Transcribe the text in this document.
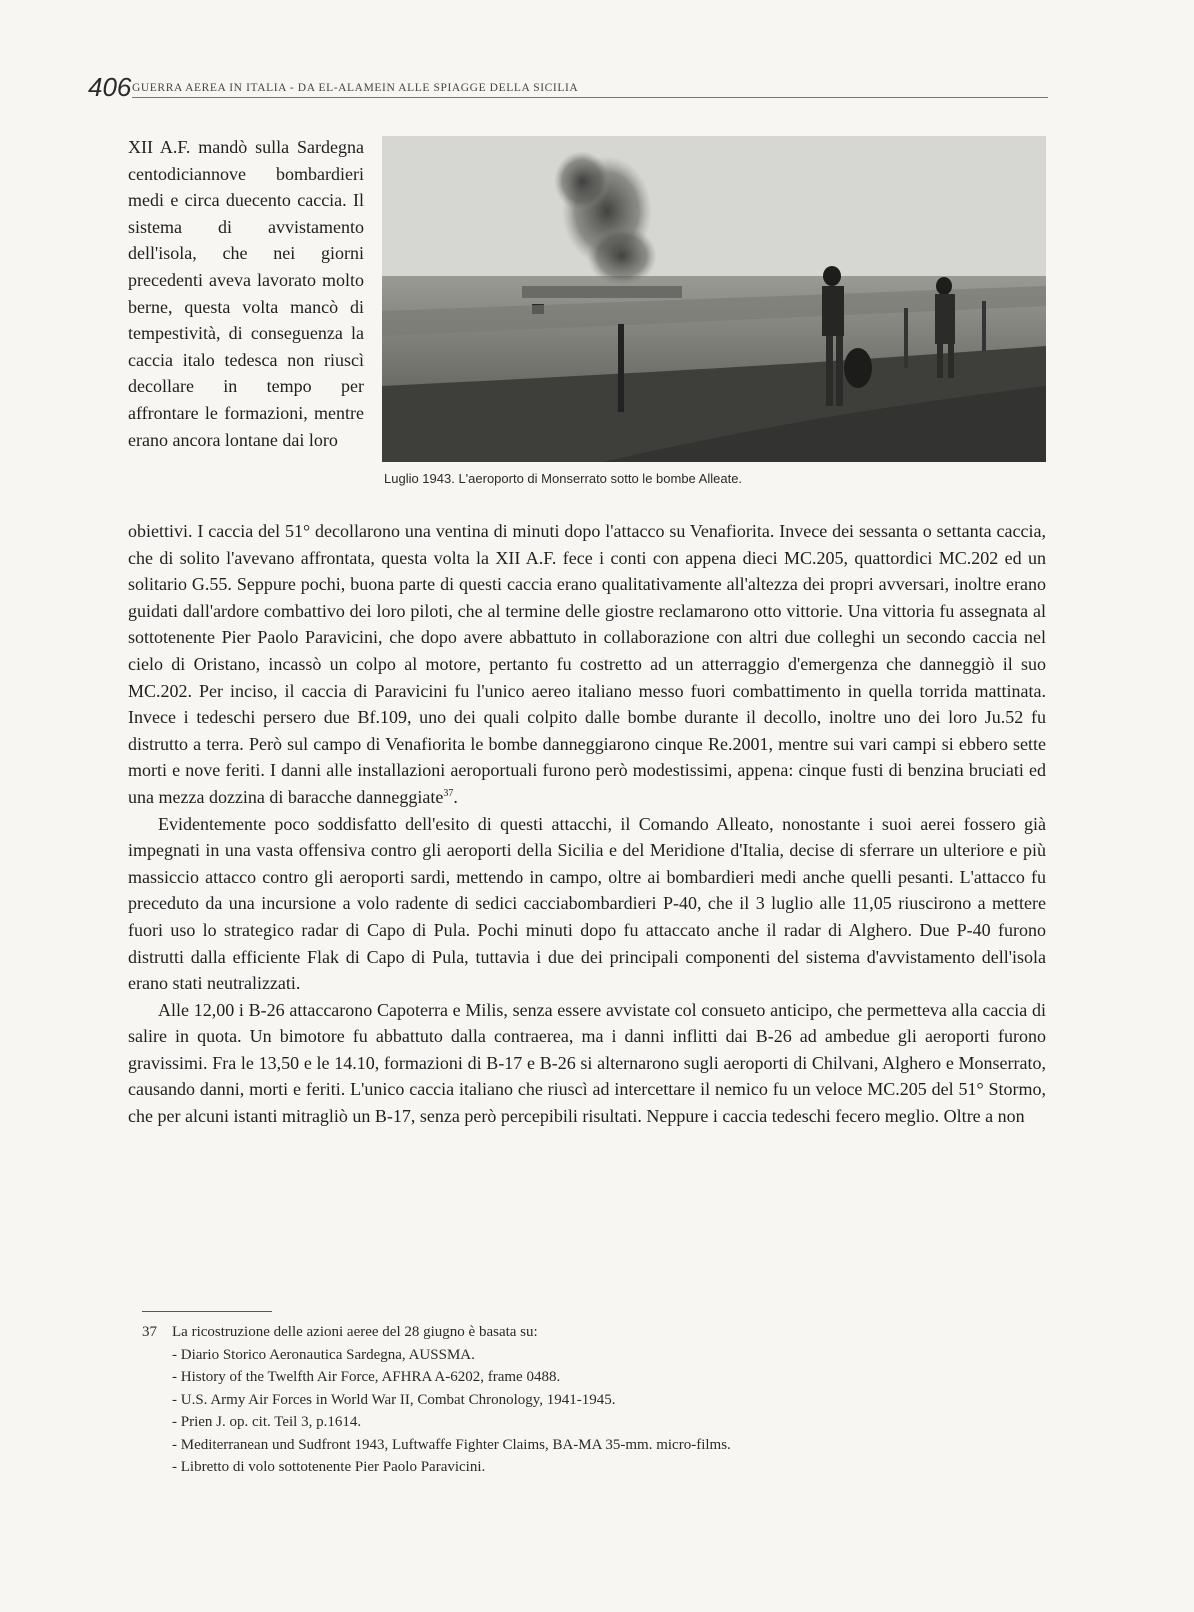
406 GUERRA AEREA IN ITALIA - DA EL-ALAMEIN ALLE SPIAGGE DELLA SICILIA

XII A.F. mandò sulla Sardegna centodiciannove bombardieri medi e circa duecento caccia. Il sistema di avvistamento dell'isola, che nei giorni precedenti aveva lavorato molto berne, questa volta mancò di tempestività, di conseguenza la caccia italo tedesca non riuscì decollare in tempo per affrontare le formazioni, mentre erano ancora lontane dai loro

Luglio 1943. L'aeroporto di Monserrato sotto le bombe Alleate.

obiettivi. I caccia del 51° decollarono una ventina di minuti dopo l'attacco su Venafiorita. Invece dei sessanta o settanta caccia, che di solito l'avevano affrontata, questa volta la XII A.F. fece i conti con appena dieci MC.205, quattordici MC.202 ed un solitario G.55. Seppure pochi, buona parte di questi caccia erano qualitativamente all'altezza dei propri avversari, inoltre erano guidati dall'ardore combattivo dei loro piloti, che al termine delle giostre reclamarono otto vittorie. Una vittoria fu assegnata al sottotenente Pier Paolo Paravicini, che dopo avere abbattuto in collaborazione con altri due colleghi un secondo caccia nel cielo di Oristano, incassò un colpo al motore, pertanto fu costretto ad un atterraggio d'emergenza che danneggiò il suo MC.202. Per inciso, il caccia di Paravicini fu l'unico aereo italiano messo fuori combattimento in quella torrida mattinata. Invece i tedeschi persero due Bf.109, uno dei quali colpito dalle bombe durante il decollo, inoltre uno dei loro Ju.52 fu distrutto a terra. Però sul campo di Venafiorita le bombe danneggiarono cinque Re.2001, mentre sui vari campi si ebbero sette morti e nove feriti. I danni alle installazioni aeroportuali furono però modestissimi, appena: cinque fusti di benzina bruciati ed una mezza dozzina di baracche danneggiate$^{37}$.

Evidentemente poco soddisfatto dell'esito di questi attacchi, il Comando Alleato, nonostante i suoi aerei fossero già impegnati in una vasta offensiva contro gli aeroporti della Sicilia e del Meridione d'Italia, decise di sferrare un ulteriore e più massiccio attacco contro gli aeroporti sardi, mettendo in campo, oltre ai bombardieri medi anche quelli pesanti. L'attacco fu preceduto da una incursione a volo radente di sedici cacciabombardieri P-40, che il 3 luglio alle 11,05 riuscirono a mettere fuori uso lo strategico radar di Capo di Pula. Pochi minuti dopo fu attaccato anche il radar di Alghero. Due P-40 furono distrutti dalla efficiente Flak di Capo di Pula, tuttavia i due dei principali componenti del sistema d'avvistamento dell'isola erano stati neutralizzati.

Alle 12,00 i B-26 attaccarono Capoterra e Milis, senza essere avvistate col consueto anticipo, che permetteva alla caccia di salire in quota. Un bimotore fu abbattuto dalla contraerea, ma i danni inflitti dai B-26 ad ambedue gli aeroporti furono gravissimi. Fra le 13,50 e le 14.10, formazioni di B-17 e B-26 si alternarono sugli aeroporti di Chilvani, Alghero e Monserrato, causando danni, morti e feriti. L'unico caccia italiano che riuscì ad intercettare il nemico fu un veloce MC.205 del 51° Stormo, che per alcuni istanti mitragliò un B-17, senza però percepibili risultati. Neppure i caccia tedeschi fecero meglio. Oltre a non

37	La ricostruzione delle azioni aeree del 28 giugno è basata su:
- Diario Storico Aeronautica Sardegna, AUSSMA.
- History of the Twelfth Air Force, AFHRA A-6202, frame 0488.
- U.S. Army Air Forces in World War II, Combat Chronology, 1941-1945.
- Prien J. op. cit. Teil 3, p.1614.
- Mediterranean und Sudfront 1943, Luftwaffe Fighter Claims, BA-MA 35-mm. micro-films.
- Libretto di volo sottotenente Pier Paolo Paravicini.
